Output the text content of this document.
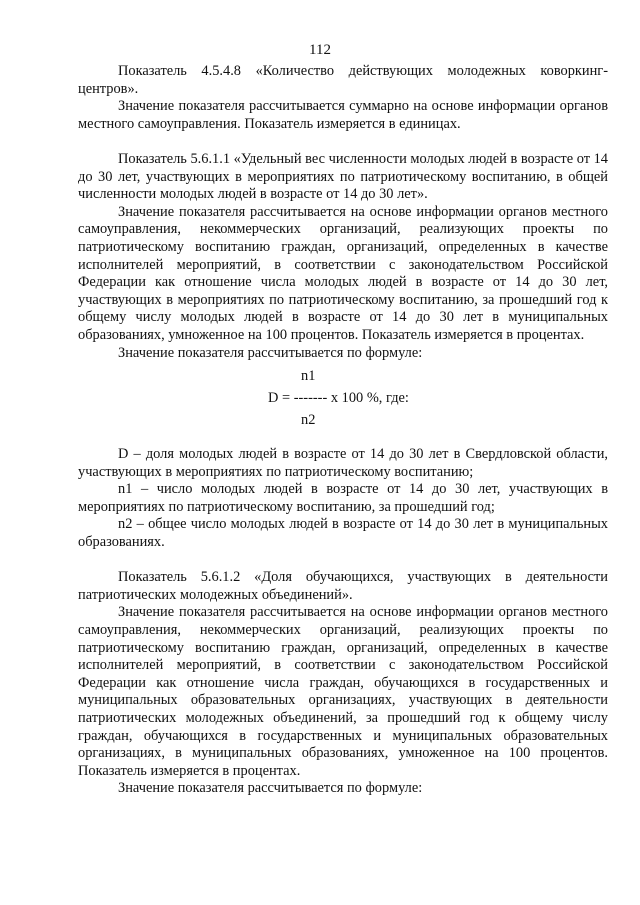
112

Показатель 4.5.4.8 «Количество действующих молодежных коворкинг-центров».

Значение показателя рассчитывается суммарно на основе информации органов местного самоуправления. Показатель измеряется в единицах.

Показатель 5.6.1.1 «Удельный вес численности молодых людей в возрасте от 14 до 30 лет, участвующих в мероприятиях по патриотическому воспитанию, в общей численности молодых людей в возрасте от 14 до 30 лет».

Значение показателя рассчитывается на основе информации органов местного самоуправления, некоммерческих организаций, реализующих проекты по патриотическому воспитанию граждан, организаций, определенных в качестве исполнителей мероприятий, в соответствии с законодательством Российской Федерации как отношение числа молодых людей в возрасте от 14 до 30 лет, участвующих в мероприятиях по патриотическому воспитанию, за прошедший год к общему числу молодых людей в возрасте от 14 до 30 лет в муниципальных образованиях, умноженное на 100 процентов. Показатель измеряется в процентах.

Значение показателя рассчитывается по формуле:

n1
D = ------- x 100 %, где:
n2

D – доля молодых людей в возрасте от 14 до 30 лет в Свердловской области, участвующих в мероприятиях по патриотическому воспитанию;

n1 – число молодых людей в возрасте от 14 до 30 лет, участвующих в мероприятиях по патриотическому воспитанию, за прошедший год;

n2 – общее число молодых людей в возрасте от 14 до 30 лет в муниципальных образованиях.

Показатель 5.6.1.2 «Доля обучающихся, участвующих в деятельности патриотических молодежных объединений».

Значение показателя рассчитывается на основе информации органов местного самоуправления, некоммерческих организаций, реализующих проекты по патриотическому воспитанию граждан, организаций, определенных в качестве исполнителей мероприятий, в соответствии с законодательством Российской Федерации как отношение числа граждан, обучающихся в государственных и муниципальных образовательных организациях, участвующих в деятельности патриотических молодежных объединений, за прошедший год к общему числу граждан, обучающихся в государственных и муниципальных образовательных организациях, в муниципальных образованиях, умноженное на 100 процентов. Показатель измеряется в процентах.

Значение показателя рассчитывается по формуле:
